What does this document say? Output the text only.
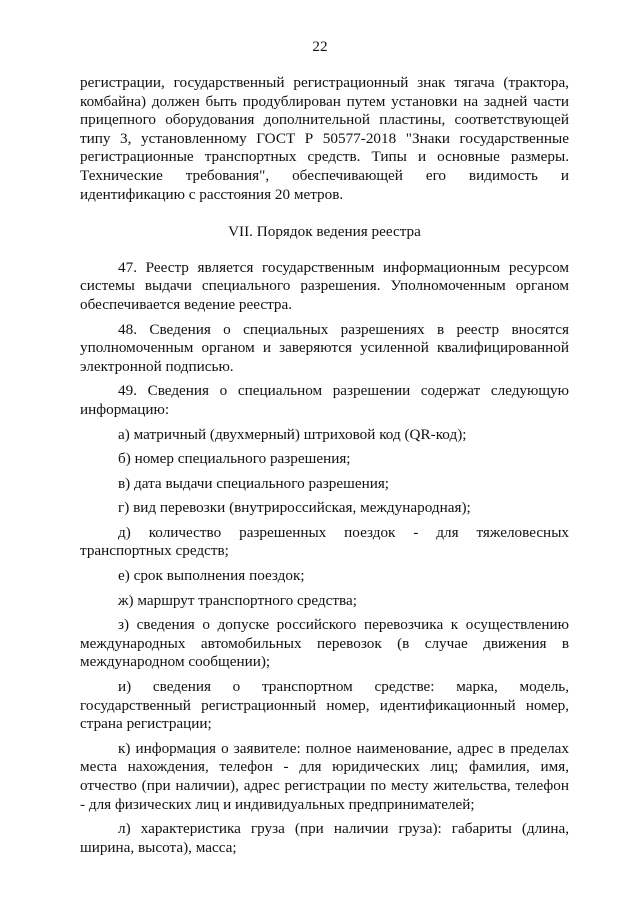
22

регистрации, государственный регистрационный знак тягача (трактора, комбайна) должен быть продублирован путем установки на задней части прицепного оборудования дополнительной пластины, соответствующей типу 3, установленному ГОСТ Р 50577-2018 "Знаки государственные регистрационные транспортных средств. Типы и основные размеры. Технические требования", обеспечивающей его видимость и идентификацию с расстояния 20 метров.

VII. Порядок ведения реестра

47. Реестр является государственным информационным ресурсом системы выдачи специального разрешения. Уполномоченным органом обеспечивается ведение реестра.

48. Сведения о специальных разрешениях в реестр вносятся уполномоченным органом и заверяются усиленной квалифицированной электронной подписью.

49. Сведения о специальном разрешении содержат следующую информацию:

а) матричный (двухмерный) штриховой код (QR-код);

б) номер специального разрешения;

в) дата выдачи специального разрешения;

г) вид перевозки (внутрироссийская, международная);

д) количество разрешенных поездок - для тяжеловесных транспортных средств;

е) срок выполнения поездок;

ж) маршрут транспортного средства;

з) сведения о допуске российского перевозчика к осуществлению международных автомобильных перевозок (в случае движения в международном сообщении);

и) сведения о транспортном средстве: марка, модель, государственный регистрационный номер, идентификационный номер, страна регистрации;

к) информация о заявителе: полное наименование, адрес в пределах места нахождения, телефон - для юридических лиц; фамилия, имя, отчество (при наличии), адрес регистрации по месту жительства, телефон - для физических лиц и индивидуальных предпринимателей;

л) характеристика груза (при наличии груза): габариты (длина, ширина, высота), масса;
